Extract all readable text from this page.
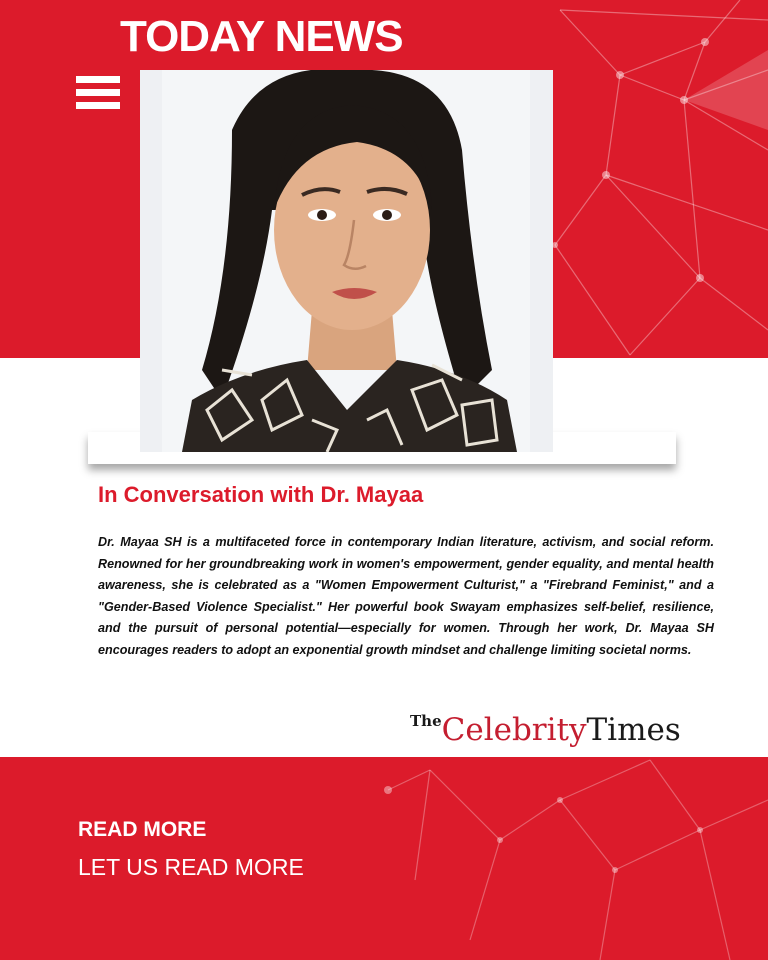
TODAY NEWS
In Conversation with Dr. Mayaa

Dr. Mayaa SH is a multifaceted force in contemporary Indian literature, activism, and social reform. Renowned for her groundbreaking work in women's empowerment, gender equality, and mental health awareness, she is celebrated as a "Women Empowerment Culturist," a "Firebrand Feminist," and a "Gender-Based Violence Specialist." Her powerful book Swayam emphasizes self-belief, resilience, and the pursuit of personal potential—especially for women. Through her work, Dr. Mayaa SH encourages readers to adopt an exponential growth mindset and challenge limiting societal norms.

TheCelebrityTimes
READ MORE
LET US READ MORE
